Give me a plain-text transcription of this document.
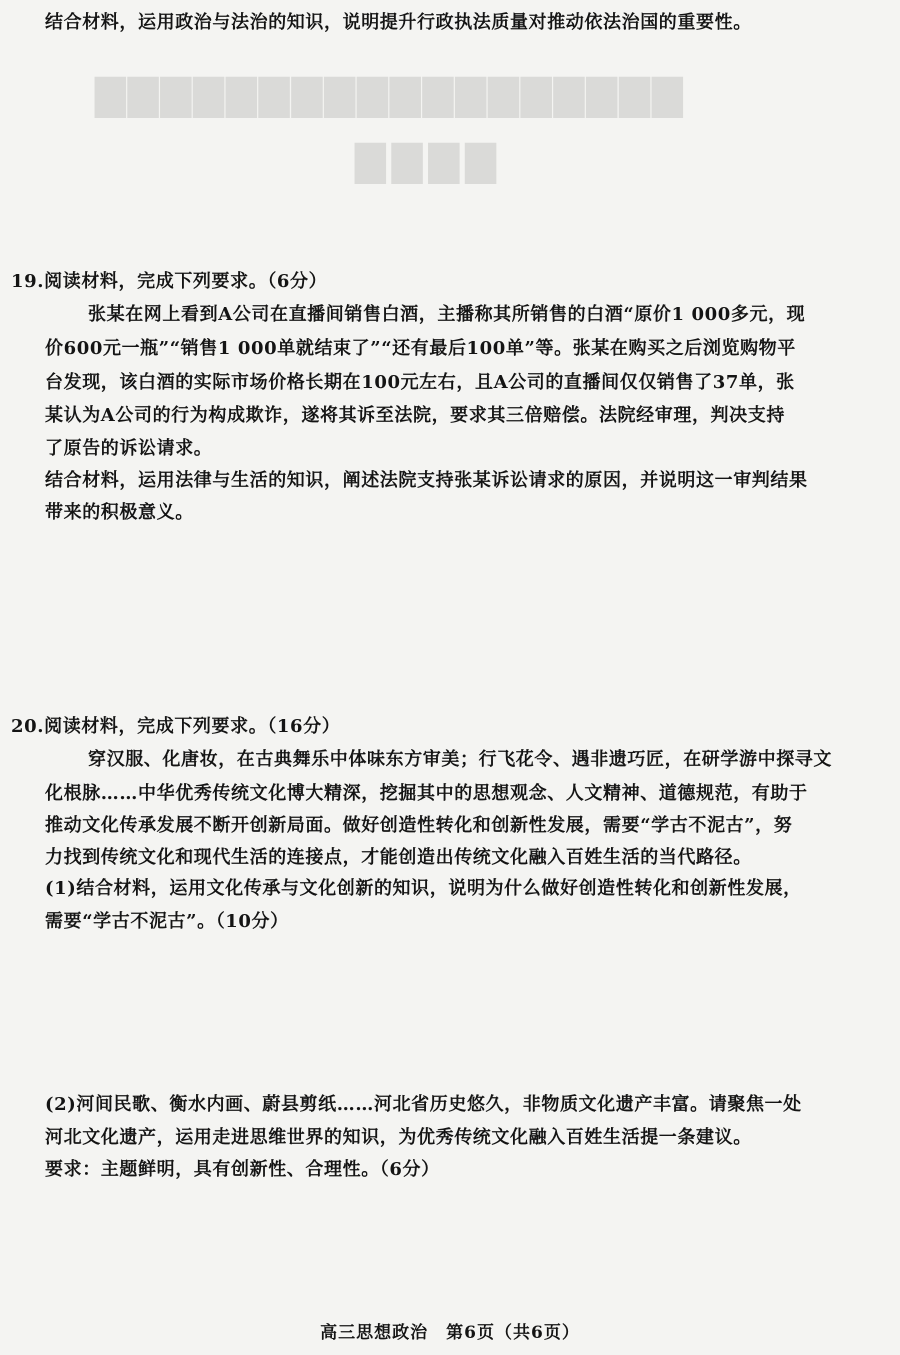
▇▇▇▇▇▇▇▇▇▇▇▇▇▇▇▇▇▇
▇▇▇▇
结合材料，运用政治与法治的知识，说明提升行政执法质量对推动依法治国的重要性。
19.阅读材料，完成下列要求。（6分）
张某在网上看到A公司在直播间销售白酒，主播称其所销售的白酒“原价1 000多元，现
价600元一瓶”“销售1 000单就结束了”“还有最后100单”等。张某在购买之后浏览购物平
台发现，该白酒的实际市场价格长期在100元左右，且A公司的直播间仅仅销售了37单，张
某认为A公司的行为构成欺诈，遂将其诉至法院，要求其三倍赔偿。法院经审理，判决支持
了原告的诉讼请求。
结合材料，运用法律与生活的知识，阐述法院支持张某诉讼请求的原因，并说明这一审判结果
带来的积极意义。
20.阅读材料，完成下列要求。（16分）
穿汉服、化唐妆，在古典舞乐中体味东方审美；行飞花令、遇非遗巧匠，在研学游中探寻文
化根脉……中华优秀传统文化博大精深，挖掘其中的思想观念、人文精神、道德规范，有助于
推动文化传承发展不断开创新局面。做好创造性转化和创新性发展，需要“学古不泥古”，努
力找到传统文化和现代生活的连接点，才能创造出传统文化融入百姓生活的当代路径。
(1)结合材料，运用文化传承与文化创新的知识，说明为什么做好创造性转化和创新性发展，
需要“学古不泥古”。（10分）
(2)河间民歌、衡水内画、蔚县剪纸……河北省历史悠久，非物质文化遗产丰富。请聚焦一处
河北文化遗产，运用走进思维世界的知识，为优秀传统文化融入百姓生活提一条建议。
要求：主题鲜明，具有创新性、合理性。（6分）
高三思想政治　第6页（共6页）
